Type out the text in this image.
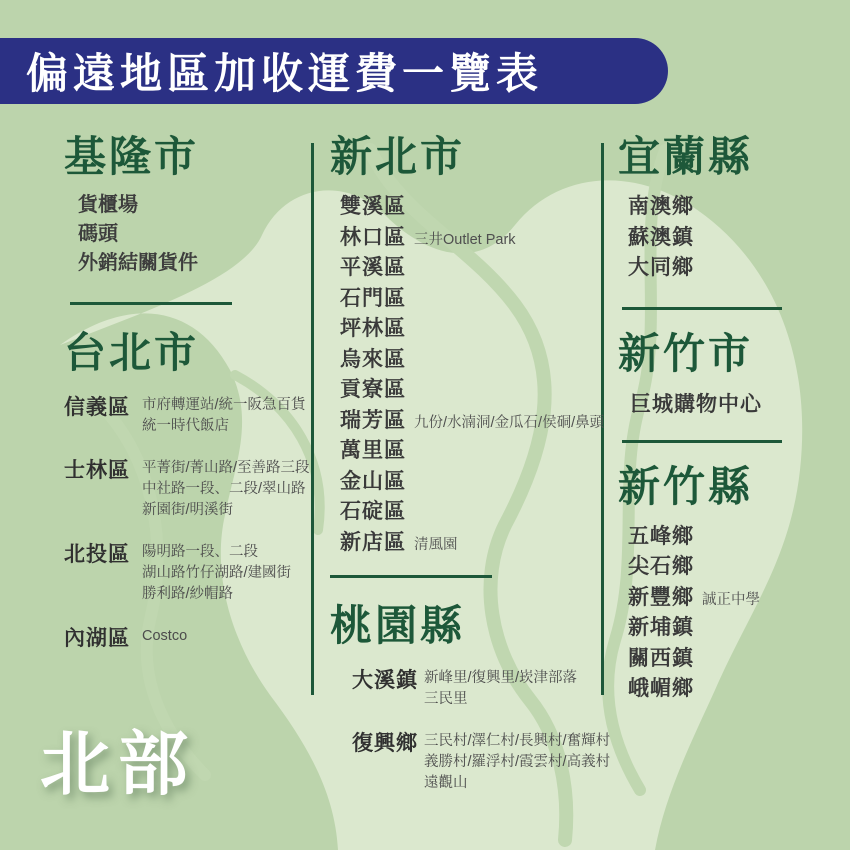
偏遠地區加收運費一覽表
基隆市
貨櫃場
碼頭
外銷結關貨件
台北市
信義區 市府轉運站/統一阪急百貨
統一時代飯店
士林區 平菁街/菁山路/至善路三段
中社路一段、二段/翠山路
新園街/明溪街
北投區 陽明路一段、二段
湖山路竹仔湖路/建國街
勝利路/紗帽路
內湖區 Costco
新北市
雙溪區
林口區 三井Outlet Park
平溪區
石門區
坪林區
烏來區
貢寮區
瑞芳區 九份/水湳洞/金瓜石/侯硐/鼻頭
萬里區
金山區
石碇區
新店區 清風園
桃園縣
大溪鎮 新峰里/復興里/崁津部落
三民里
復興鄉 三民村/澤仁村/長興村/奮輝村
義勝村/羅浮村/霞雲村/高義村
遠觀山
宜蘭縣
南澳鄉
蘇澳鎮
大同鄉
新竹市
巨城購物中心
新竹縣
五峰鄉
尖石鄉
新豐鄉 誠正中學
新埔鎮
關西鎮
峨嵋鄉
北部
